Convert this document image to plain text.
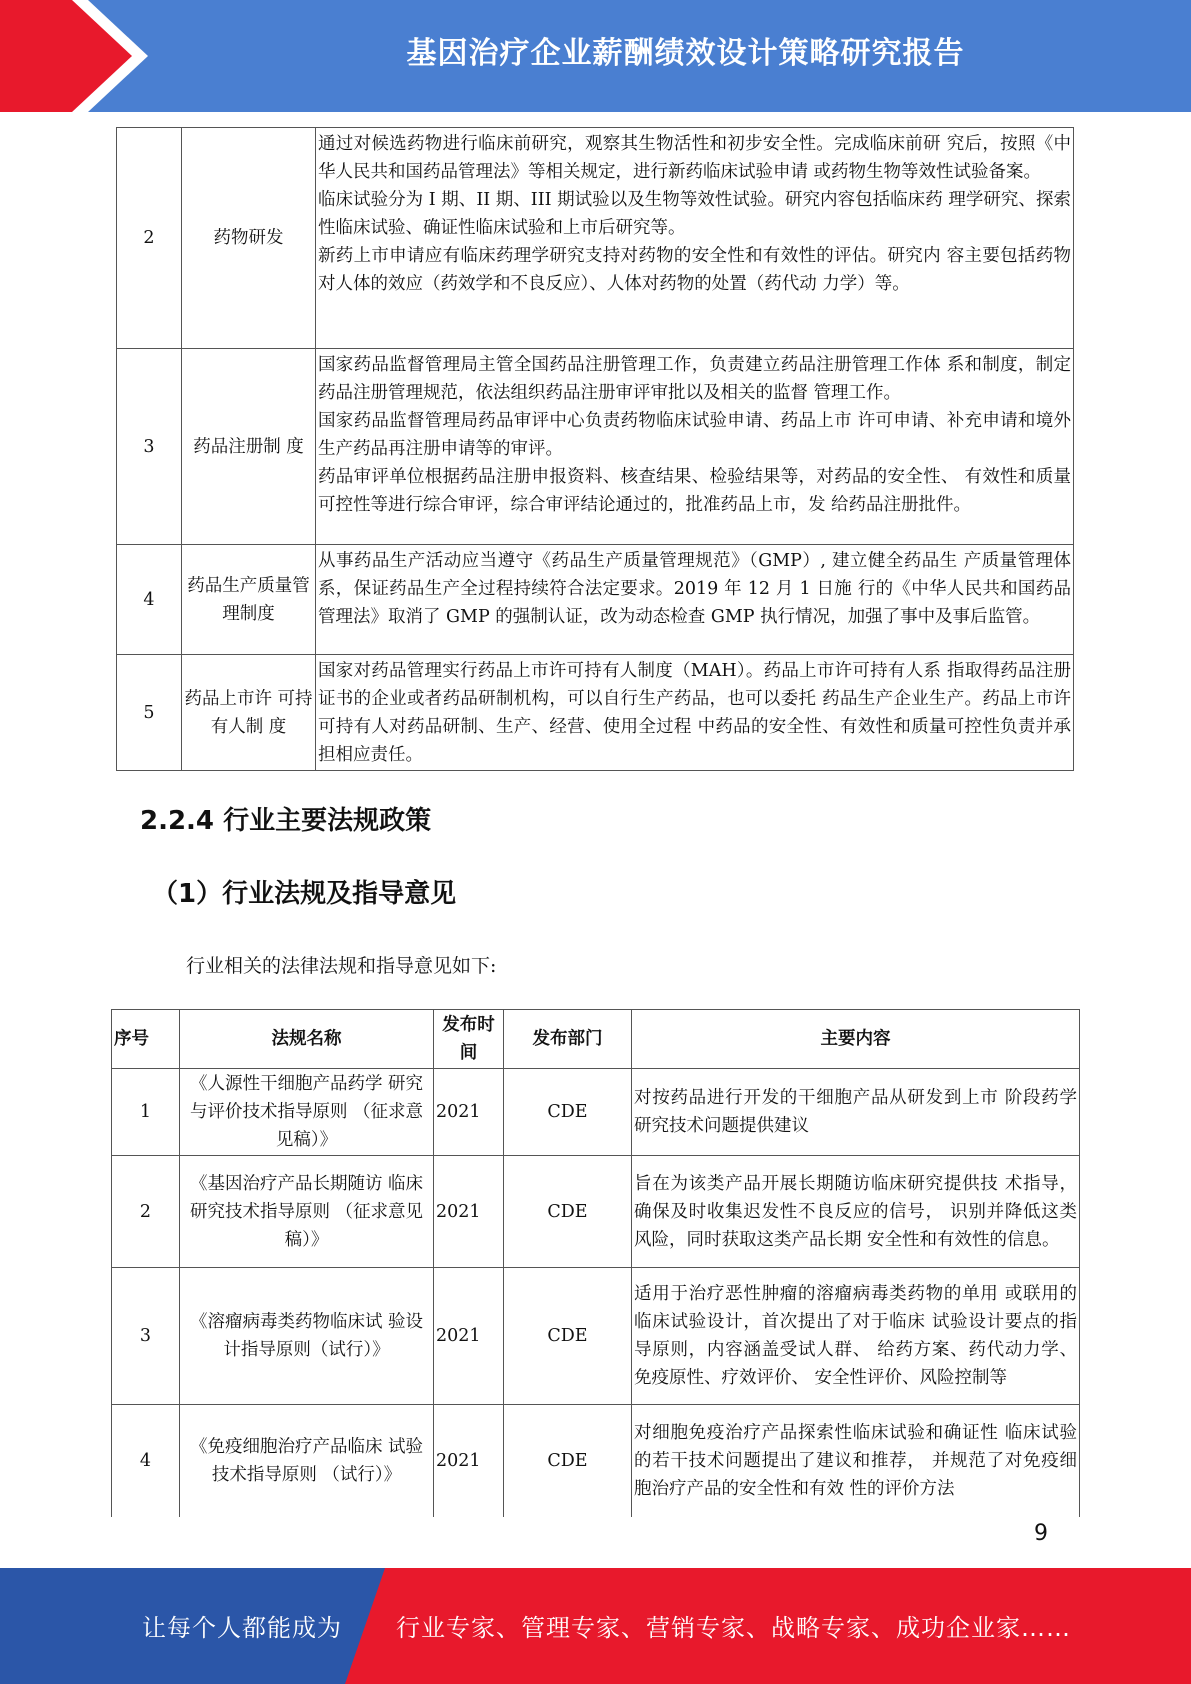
基因治疗企业薪酬绩效设计策略研究报告
2	药物研发	通过对候选药物进行临床前研究，观察其生物活性和初步安全性。完成临床前研 究后，按照《中华人民共和国药品管理法》等相关规定，进行新药临床试验申请 或药物生物等效性试验备案。

临床试验分为 I 期、II 期、III 期试验以及生物等效性试验。研究内容包括临床药 理学研究、探索性临床试验、确证性临床试验和上市后研究等。

新药上市申请应有临床药理学研究支持对药物的安全性和有效性的评估。研究内 容主要包括药物对人体的效应（药效学和不良反应）、人体对药物的处置（药代动 力学）等。

3	药品注册制 度	国家药品监督管理局主管全国药品注册管理工作，负责建立药品注册管理工作体 系和制度，制定药品注册管理规范，依法组织药品注册审评审批以及相关的监督 管理工作。

国家药品监督管理局药品审评中心负责药物临床试验申请、药品上市 许可申请、补充申请和境外生产药品再注册申请等的审评。

药品审评单位根据药品注册申报资料、核查结果、检验结果等，对药品的安全性、 有效性和质量可控性等进行综合审评，综合审评结论通过的，批准药品上市，发 给药品注册批件。

4	药品生产质量管理制度	从事药品生产活动应当遵守《药品生产质量管理规范》（GMP）, 建立健全药品生 产质量管理体系，保证药品生产全过程持续符合法定要求。2019 年 12 月 1 日施 行的《中华人民共和国药品管理法》取消了 GMP 的强制认证，改为动态检查 GMP 执行情况，加强了事中及事后监管。

5	药品上市许 可持有人制 度	国家对药品管理实行药品上市许可持有人制度（MAH）。药品上市许可持有人系 指取得药品注册证书的企业或者药品研制机构，可以自行生产药品，也可以委托 药品生产企业生产。药品上市许可持有人对药品研制、生产、经营、使用全过程 中药品的安全性、有效性和质量可控性负责并承担相应责任。

2.2.4 行业主要法规政策
（1）行业法规及指导意见
行业相关的法律法规和指导意见如下:
序号	法规名称	发布时间	发布部门	主要内容
1	《人源性干细胞产品药学 研究与评价技术指导原则 （征求意见稿）》	2021	CDE	对按药品进行开发的干细胞产品从研发到上市 阶段药学研究技术问题提供建议
2	《基因治疗产品长期随访 临床研究技术指导原则 （征求意见稿）》	2021	CDE	旨在为该类产品开展长期随访临床研究提供技 术指导，确保及时收集迟发性不良反应的信号， 识别并降低这类风险，同时获取这类产品长期 安全性和有效性的信息。
3	《溶瘤病毒类药物临床试 验设计指导原则（试行）》	2021	CDE	适用于治疗恶性肿瘤的溶瘤病毒类药物的单用 或联用的临床试验设计，首次提出了对于临床 试验设计要点的指导原则，内容涵盖受试人群、 给药方案、药代动力学、免疫原性、疗效评价、 安全性评价、风险控制等
4	《免疫细胞治疗产品临床 试验技术指导原则 （试行）》	2021	CDE	对细胞免疫治疗产品探索性临床试验和确证性 临床试验的若干技术问题提出了建议和推荐， 并规范了对免疫细胞治疗产品的安全性和有效 性的评价方法
9
让每个人都能成为 行业专家、管理专家、营销专家、战略专家、成功企业家……
